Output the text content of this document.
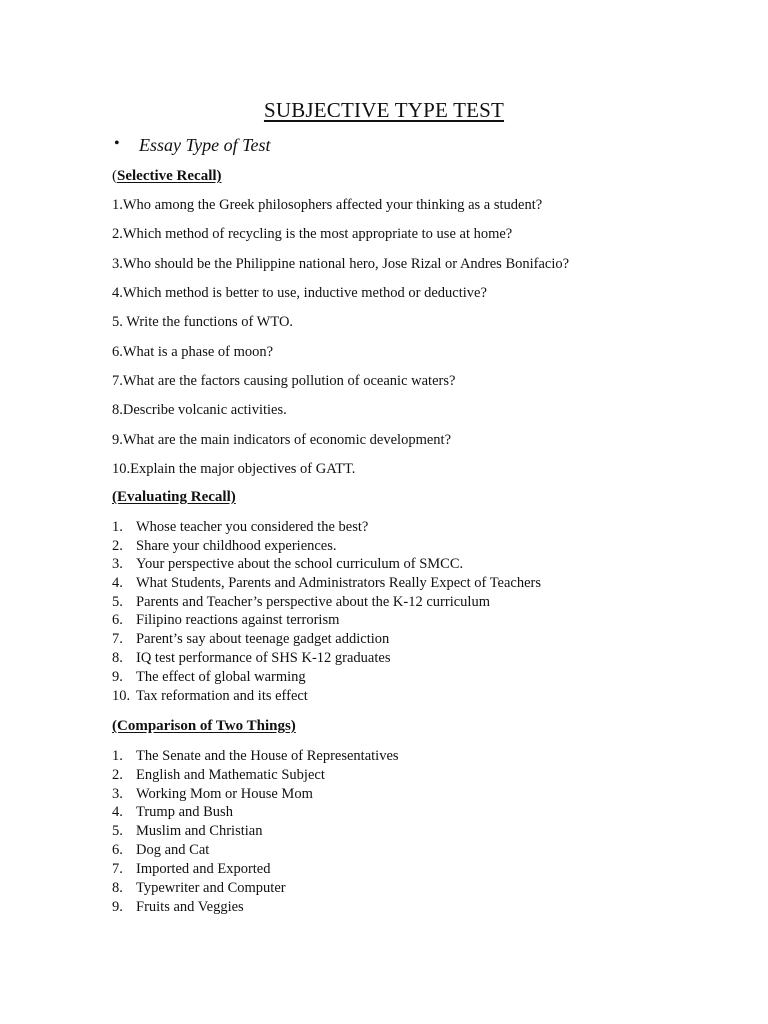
SUBJECTIVE TYPE TEST
• Essay Type of Test
(Selective Recall)
1.Who among the Greek philosophers affected your thinking as a student?
2.Which method of recycling is the most appropriate to use at home?
3.Who should be the Philippine national hero, Jose Rizal or Andres Bonifacio?
4.Which method is better to use, inductive method or deductive?
5. Write the functions of WTO.
6.What is a phase of moon?
7.What are the factors causing pollution of oceanic waters?
8.Describe volcanic activities.
9.What are the main indicators of economic development?
10.Explain the major objectives of GATT.
(Evaluating Recall)
1. Whose teacher you considered the best?
2. Share your childhood experiences.
3. Your perspective about the school curriculum of SMCC.
4. What Students, Parents and Administrators Really Expect of Teachers
5. Parents and Teacher’s perspective about the K-12 curriculum
6. Filipino reactions against terrorism
7. Parent’s say about teenage gadget addiction
8. IQ test performance of SHS K-12 graduates
9. The effect of global warming
10. Tax reformation and its effect
(Comparison of Two Things)
1. The Senate and the House of Representatives
2. English and Mathematic Subject
3. Working Mom or House Mom
4. Trump and Bush
5. Muslim and Christian
6. Dog and Cat
7. Imported and Exported
8. Typewriter and Computer
9. Fruits and Veggies
